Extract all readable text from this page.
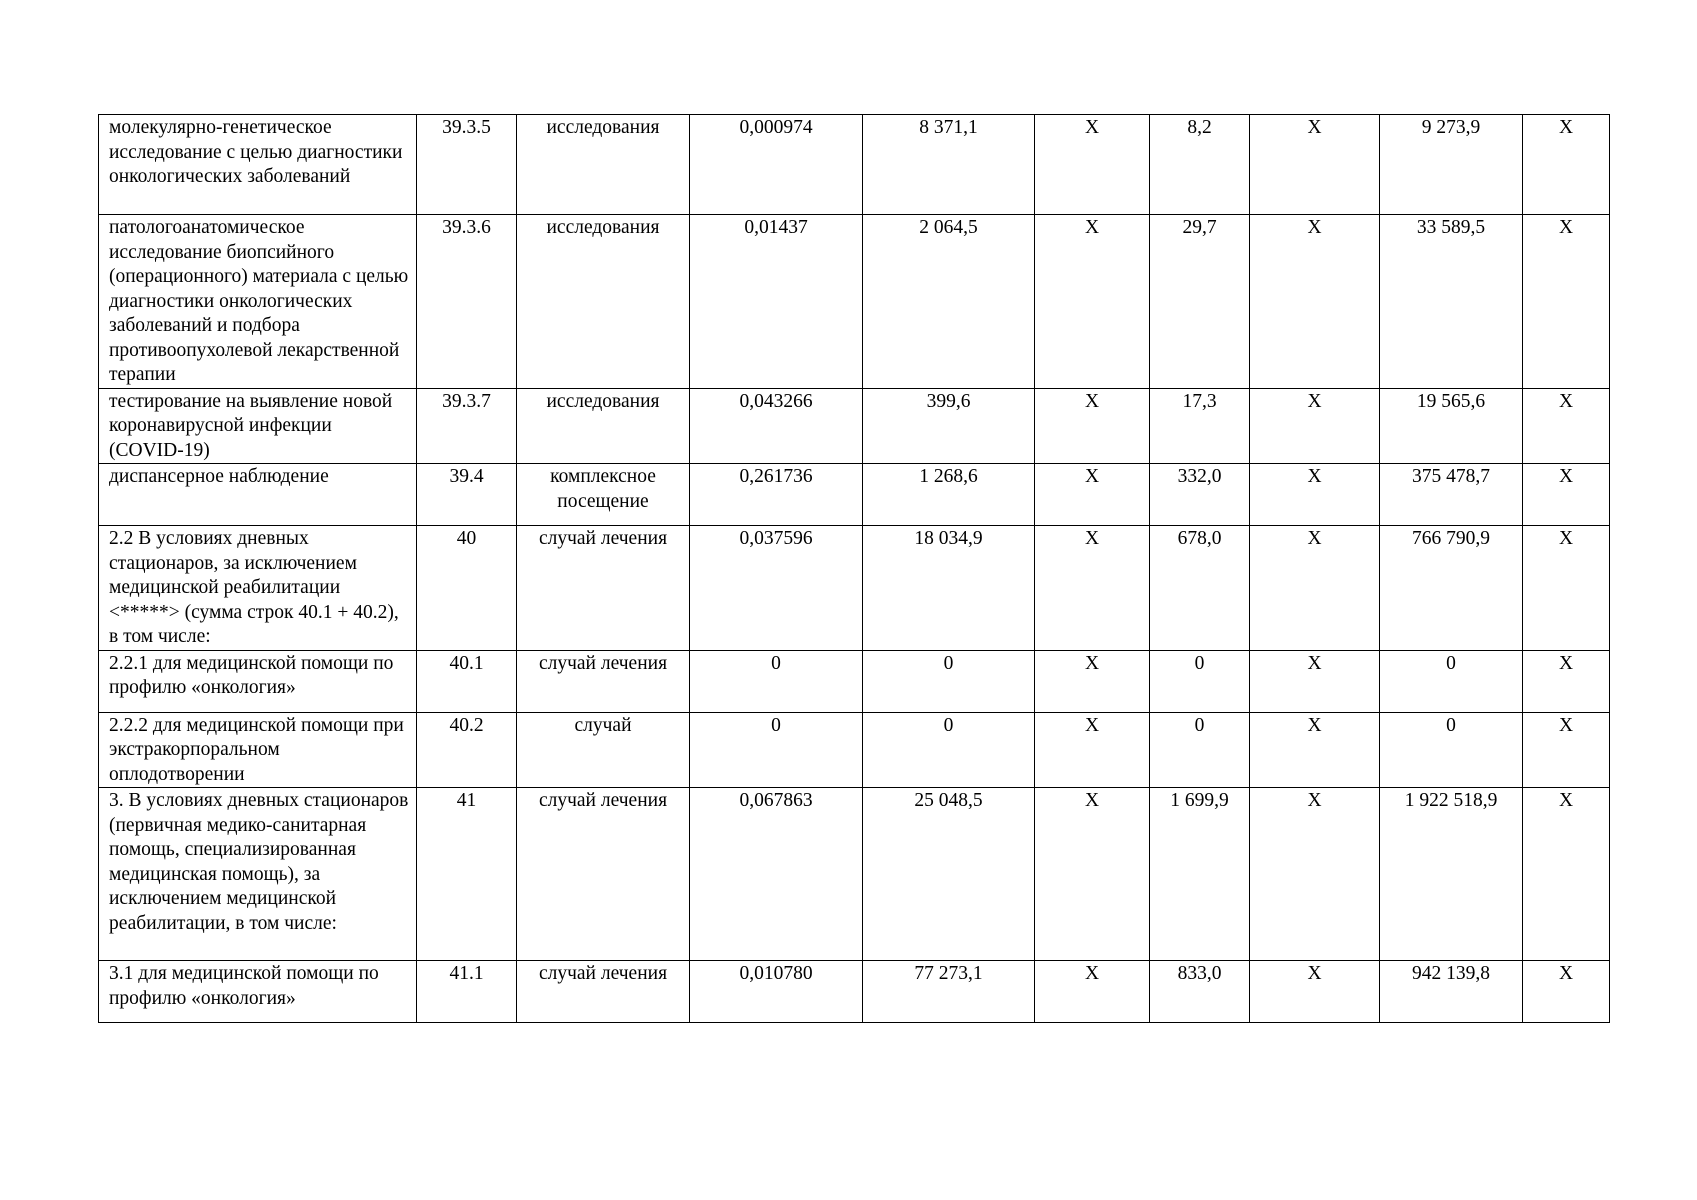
молекулярно-генетическое исследование с целью диагностики онкологических заболеваний	39.3.5	исследования	0,000974	8 371,1	Х	8,2	Х	9 273,9	Х
патологоанатомическое исследование биопсийного (операционного) материала с целью диагностики онкологических заболеваний и подбора противоопухолевой лекарственной терапии	39.3.6	исследования	0,01437	2 064,5	Х	29,7	Х	33 589,5	Х
тестирование на выявление новой коронавирусной инфекции (COVID-19)	39.3.7	исследования	0,043266	399,6	Х	17,3	Х	19 565,6	Х
диспансерное наблюдение	39.4	комплексное посещение	0,261736	1 268,6	Х	332,0	Х	375 478,7	Х
2.2 В условиях дневных стационаров, за исключением медицинской реабилитации <*****> (сумма строк 40.1 + 40.2), в том числе:	40	случай лечения	0,037596	18 034,9	Х	678,0	Х	766 790,9	Х
2.2.1 для медицинской помощи по профилю «онкология»	40.1	случай лечения	0	0	Х	0	Х	0	Х
2.2.2 для медицинской помощи при экстракорпоральном оплодотворении	40.2	случай	0	0	Х	0	Х	0	Х
3. В условиях дневных стационаров (первичная медико-санитарная помощь, специализированная медицинская помощь), за исключением медицинской реабилитации, в том числе:	41	случай лечения	0,067863	25 048,5	Х	1 699,9	Х	1 922 518,9	Х
3.1 для медицинской помощи по профилю «онкология»	41.1	случай лечения	0,010780	77 273,1	Х	833,0	Х	942 139,8	Х
